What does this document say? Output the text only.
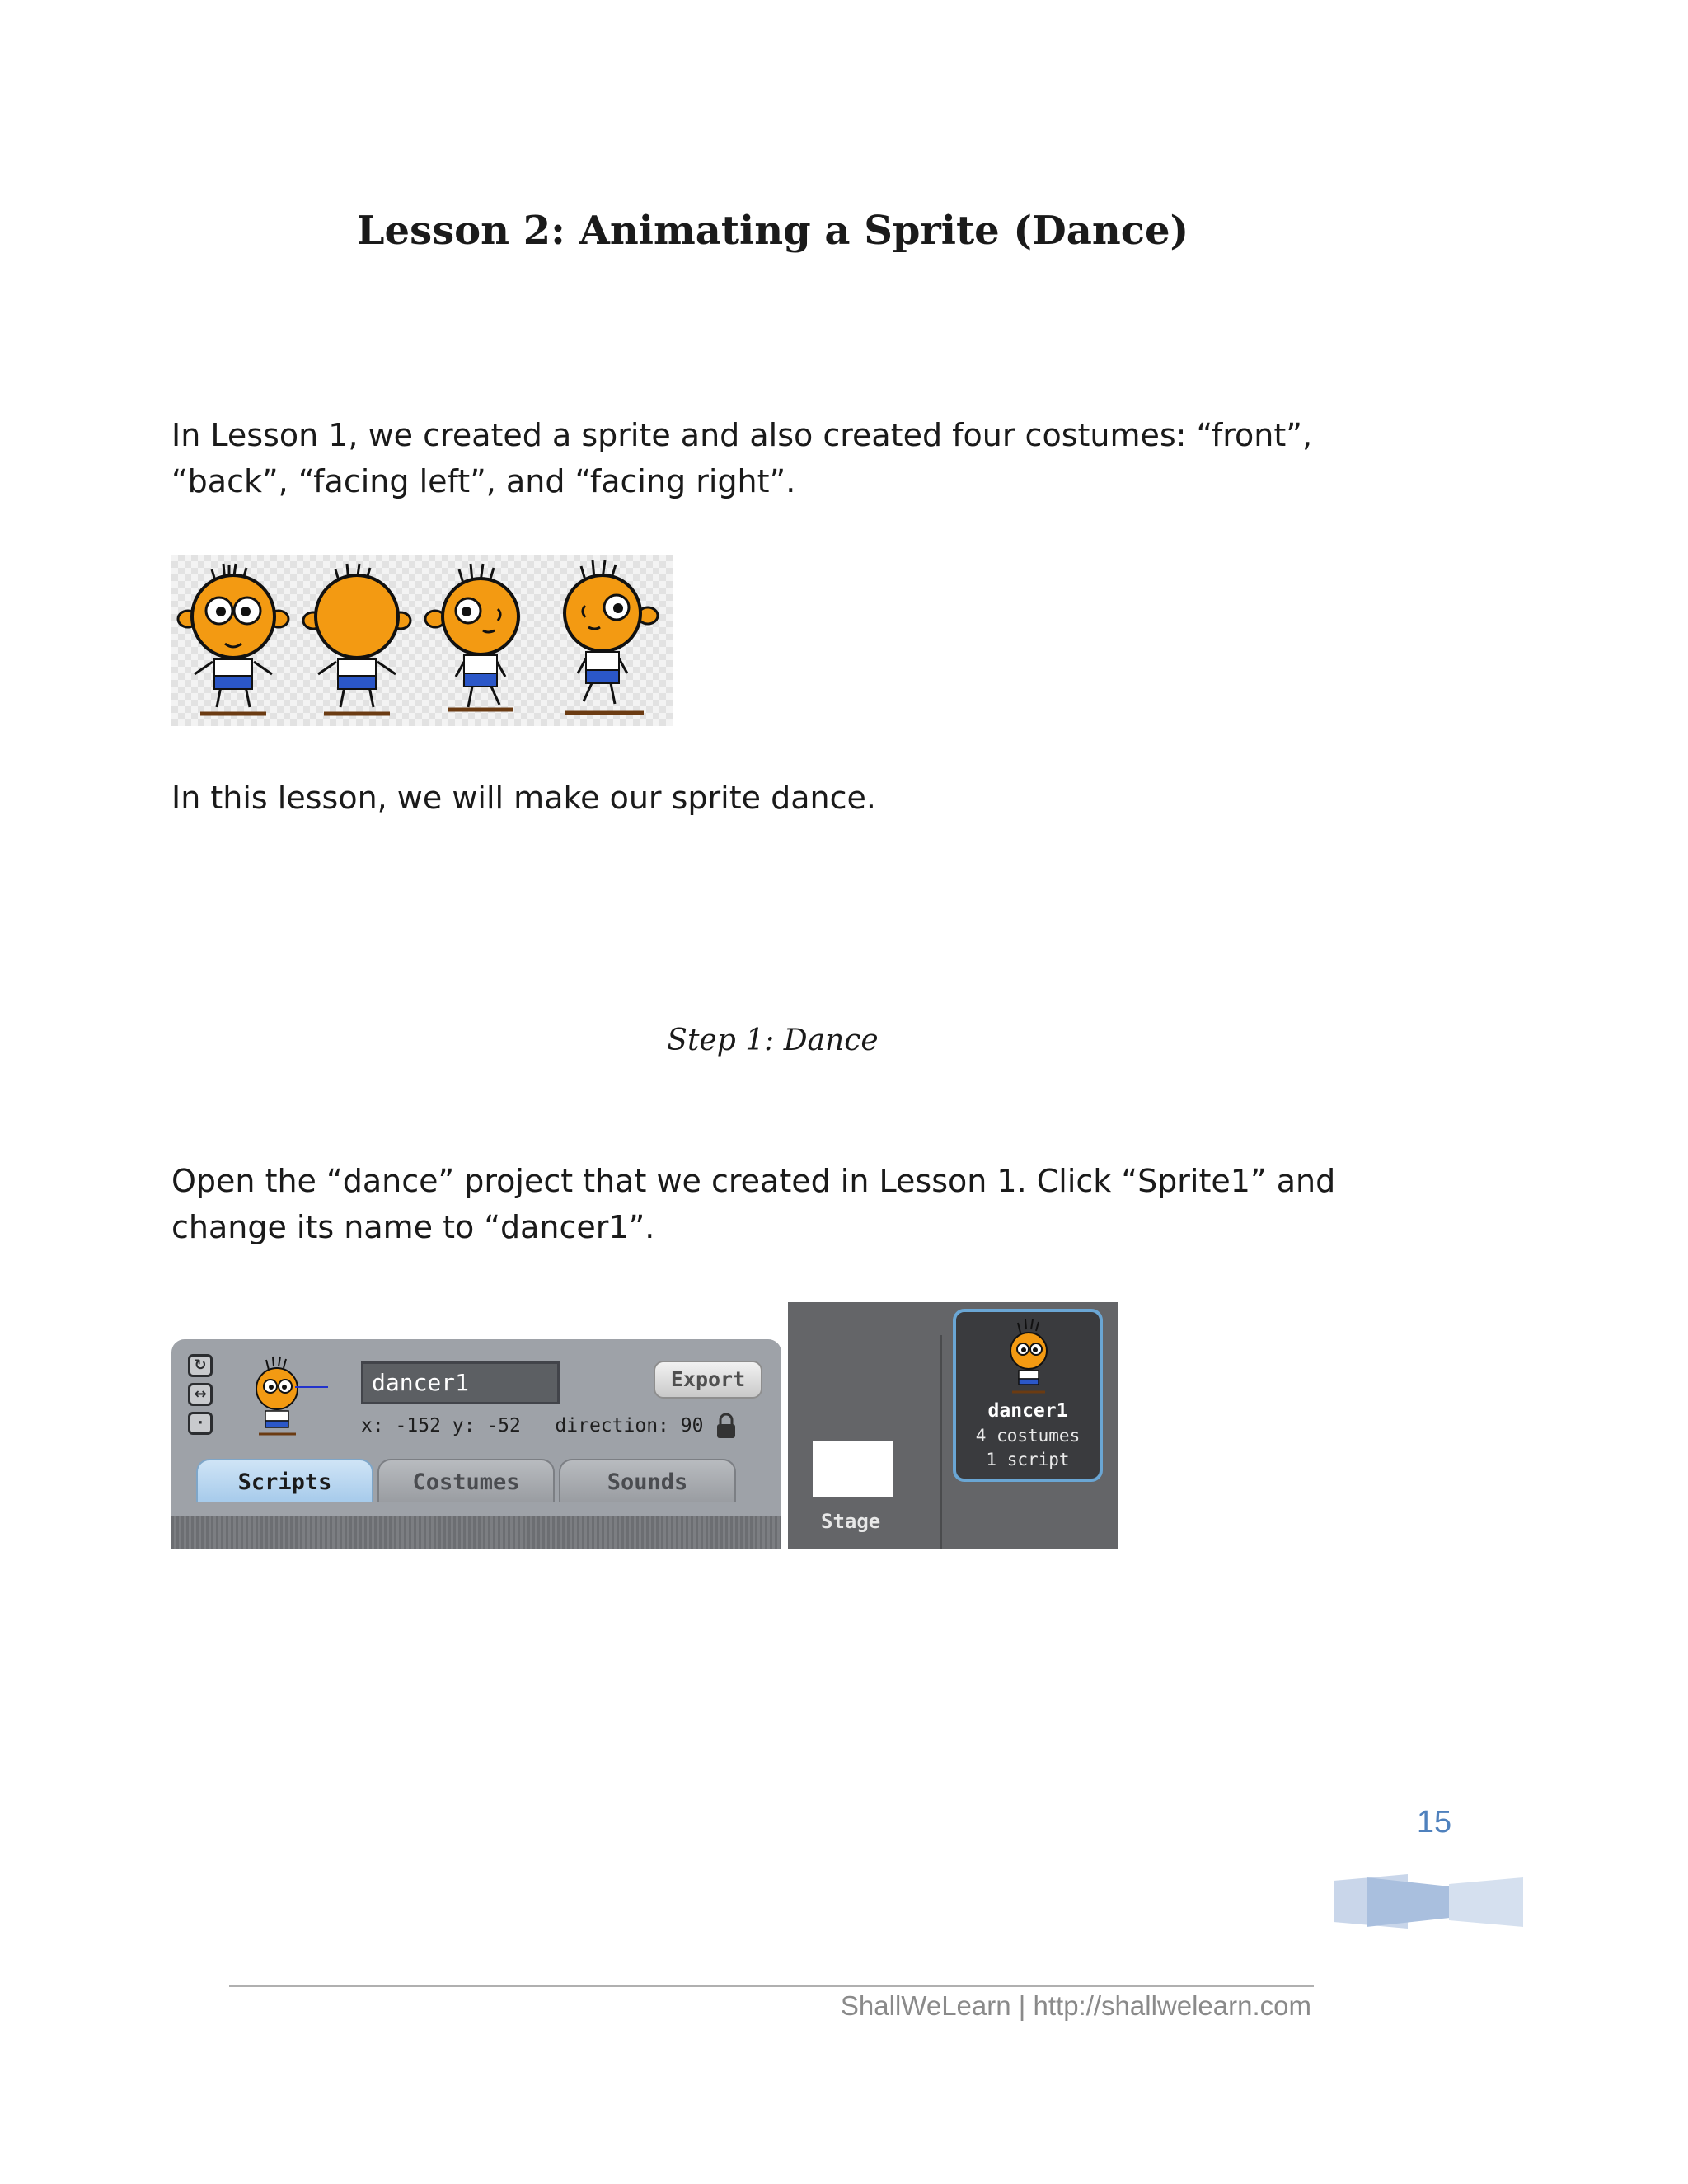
Lesson 2: Animating a Sprite (Dance)
In Lesson 1, we created a sprite and also created four costumes: “front”,
“back”, “facing left”, and “facing right”.
In this lesson, we will make our sprite dance.
Step 1: Dance
Open the “dance” project that we created in Lesson 1. Click “Sprite1” and
change its name to “dancer1”.
↻
↔
·
dancer1	Export
x: -152 y: -52 direction: 90
Scripts	Costumes	Sounds
Stage
dancer1
4 costumes
1 script
15
ShallWeLearn | http://shallwelearn.com
